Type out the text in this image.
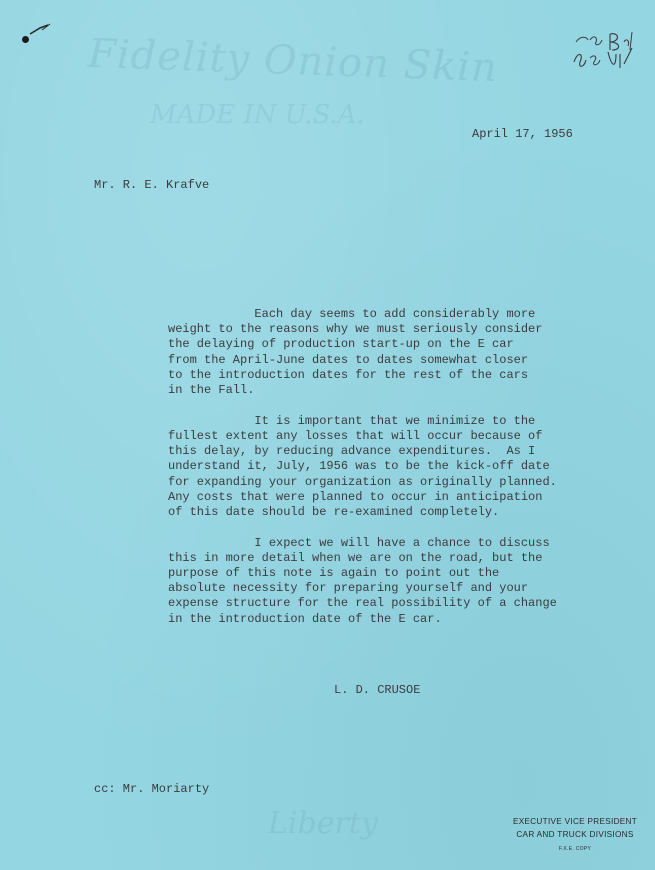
Fidelity Onion Skin
MADE IN U.S.A.
Liberty
April 17, 1956
Mr. R. E. Krafve

Each day seems to add considerably more
weight to the reasons why we must seriously consider
the delaying of production start-up on the E car
from the April-June dates to dates somewhat closer
to the introduction dates for the rest of the cars
in the Fall.

It is important that we minimize to the
fullest extent any losses that will occur because of
this delay, by reducing advance expenditures.  As I
understand it, July, 1956 was to be the kick-off date
for expanding your organization as originally planned.
Any costs that were planned to occur in anticipation
of this date should be re-examined completely.

I expect we will have a chance to discuss
this in more detail when we are on the road, but the
purpose of this note is again to point out the
absolute necessity for preparing yourself and your
expense structure for the real possibility of a change
in the introduction date of the E car.

L. D. CRUSOE
cc: Mr. Moriarty
EXECUTIVE VICE PRESIDENT
CAR AND TRUCK DIVISIONS
F.X.E. COPY
